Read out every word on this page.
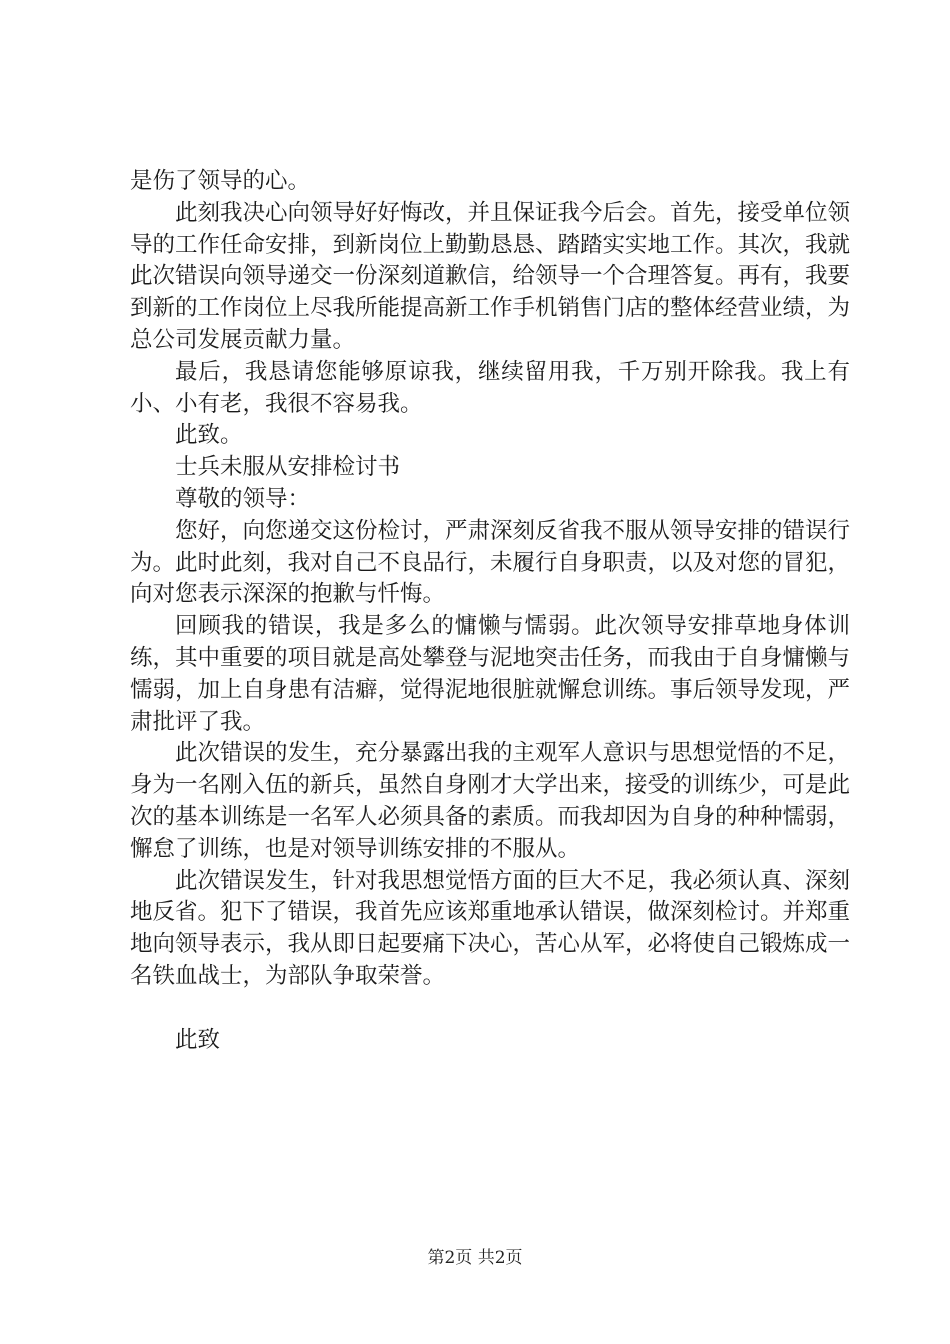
是伤了领导的心。

此刻我决心向领导好好悔改，并且保证我今后会。首先，接受单位领导的工作任命安排，到新岗位上勤勤恳恳、踏踏实实地工作。其次，我就此次错误向领导递交一份深刻道歉信，给领导一个合理答复。再有，我要到新的工作岗位上尽我所能提高新工作手机销售门店的整体经营业绩，为总公司发展贡献力量。

最后，我恳请您能够原谅我，继续留用我，千万别开除我。我上有小、小有老，我很不容易我。

此致。

士兵未服从安排检讨书

尊敬的领导：

您好，向您递交这份检讨，严肃深刻反省我不服从领导安排的错误行为。此时此刻，我对自己不良品行，未履行自身职责，以及对您的冒犯，向对您表示深深的抱歉与忏悔。

回顾我的错误，我是多么的慵懒与懦弱。此次领导安排草地身体训练，其中重要的项目就是高处攀登与泥地突击任务，而我由于自身慵懒与懦弱，加上自身患有洁癖，觉得泥地很脏就懈怠训练。事后领导发现，严肃批评了我。

此次错误的发生，充分暴露出我的主观军人意识与思想觉悟的不足，身为一名刚入伍的新兵，虽然自身刚才大学出来，接受的训练少，可是此次的基本训练是一名军人必须具备的素质。而我却因为自身的种种懦弱，懈怠了训练，也是对领导训练安排的不服从。

此次错误发生，针对我思想觉悟方面的巨大不足，我必须认真、深刻地反省。犯下了错误，我首先应该郑重地承认错误，做深刻检讨。并郑重地向领导表示，我从即日起要痛下决心，苦心从军，必将使自己锻炼成一名铁血战士，为部队争取荣誉。

此致

第2页 共2页
